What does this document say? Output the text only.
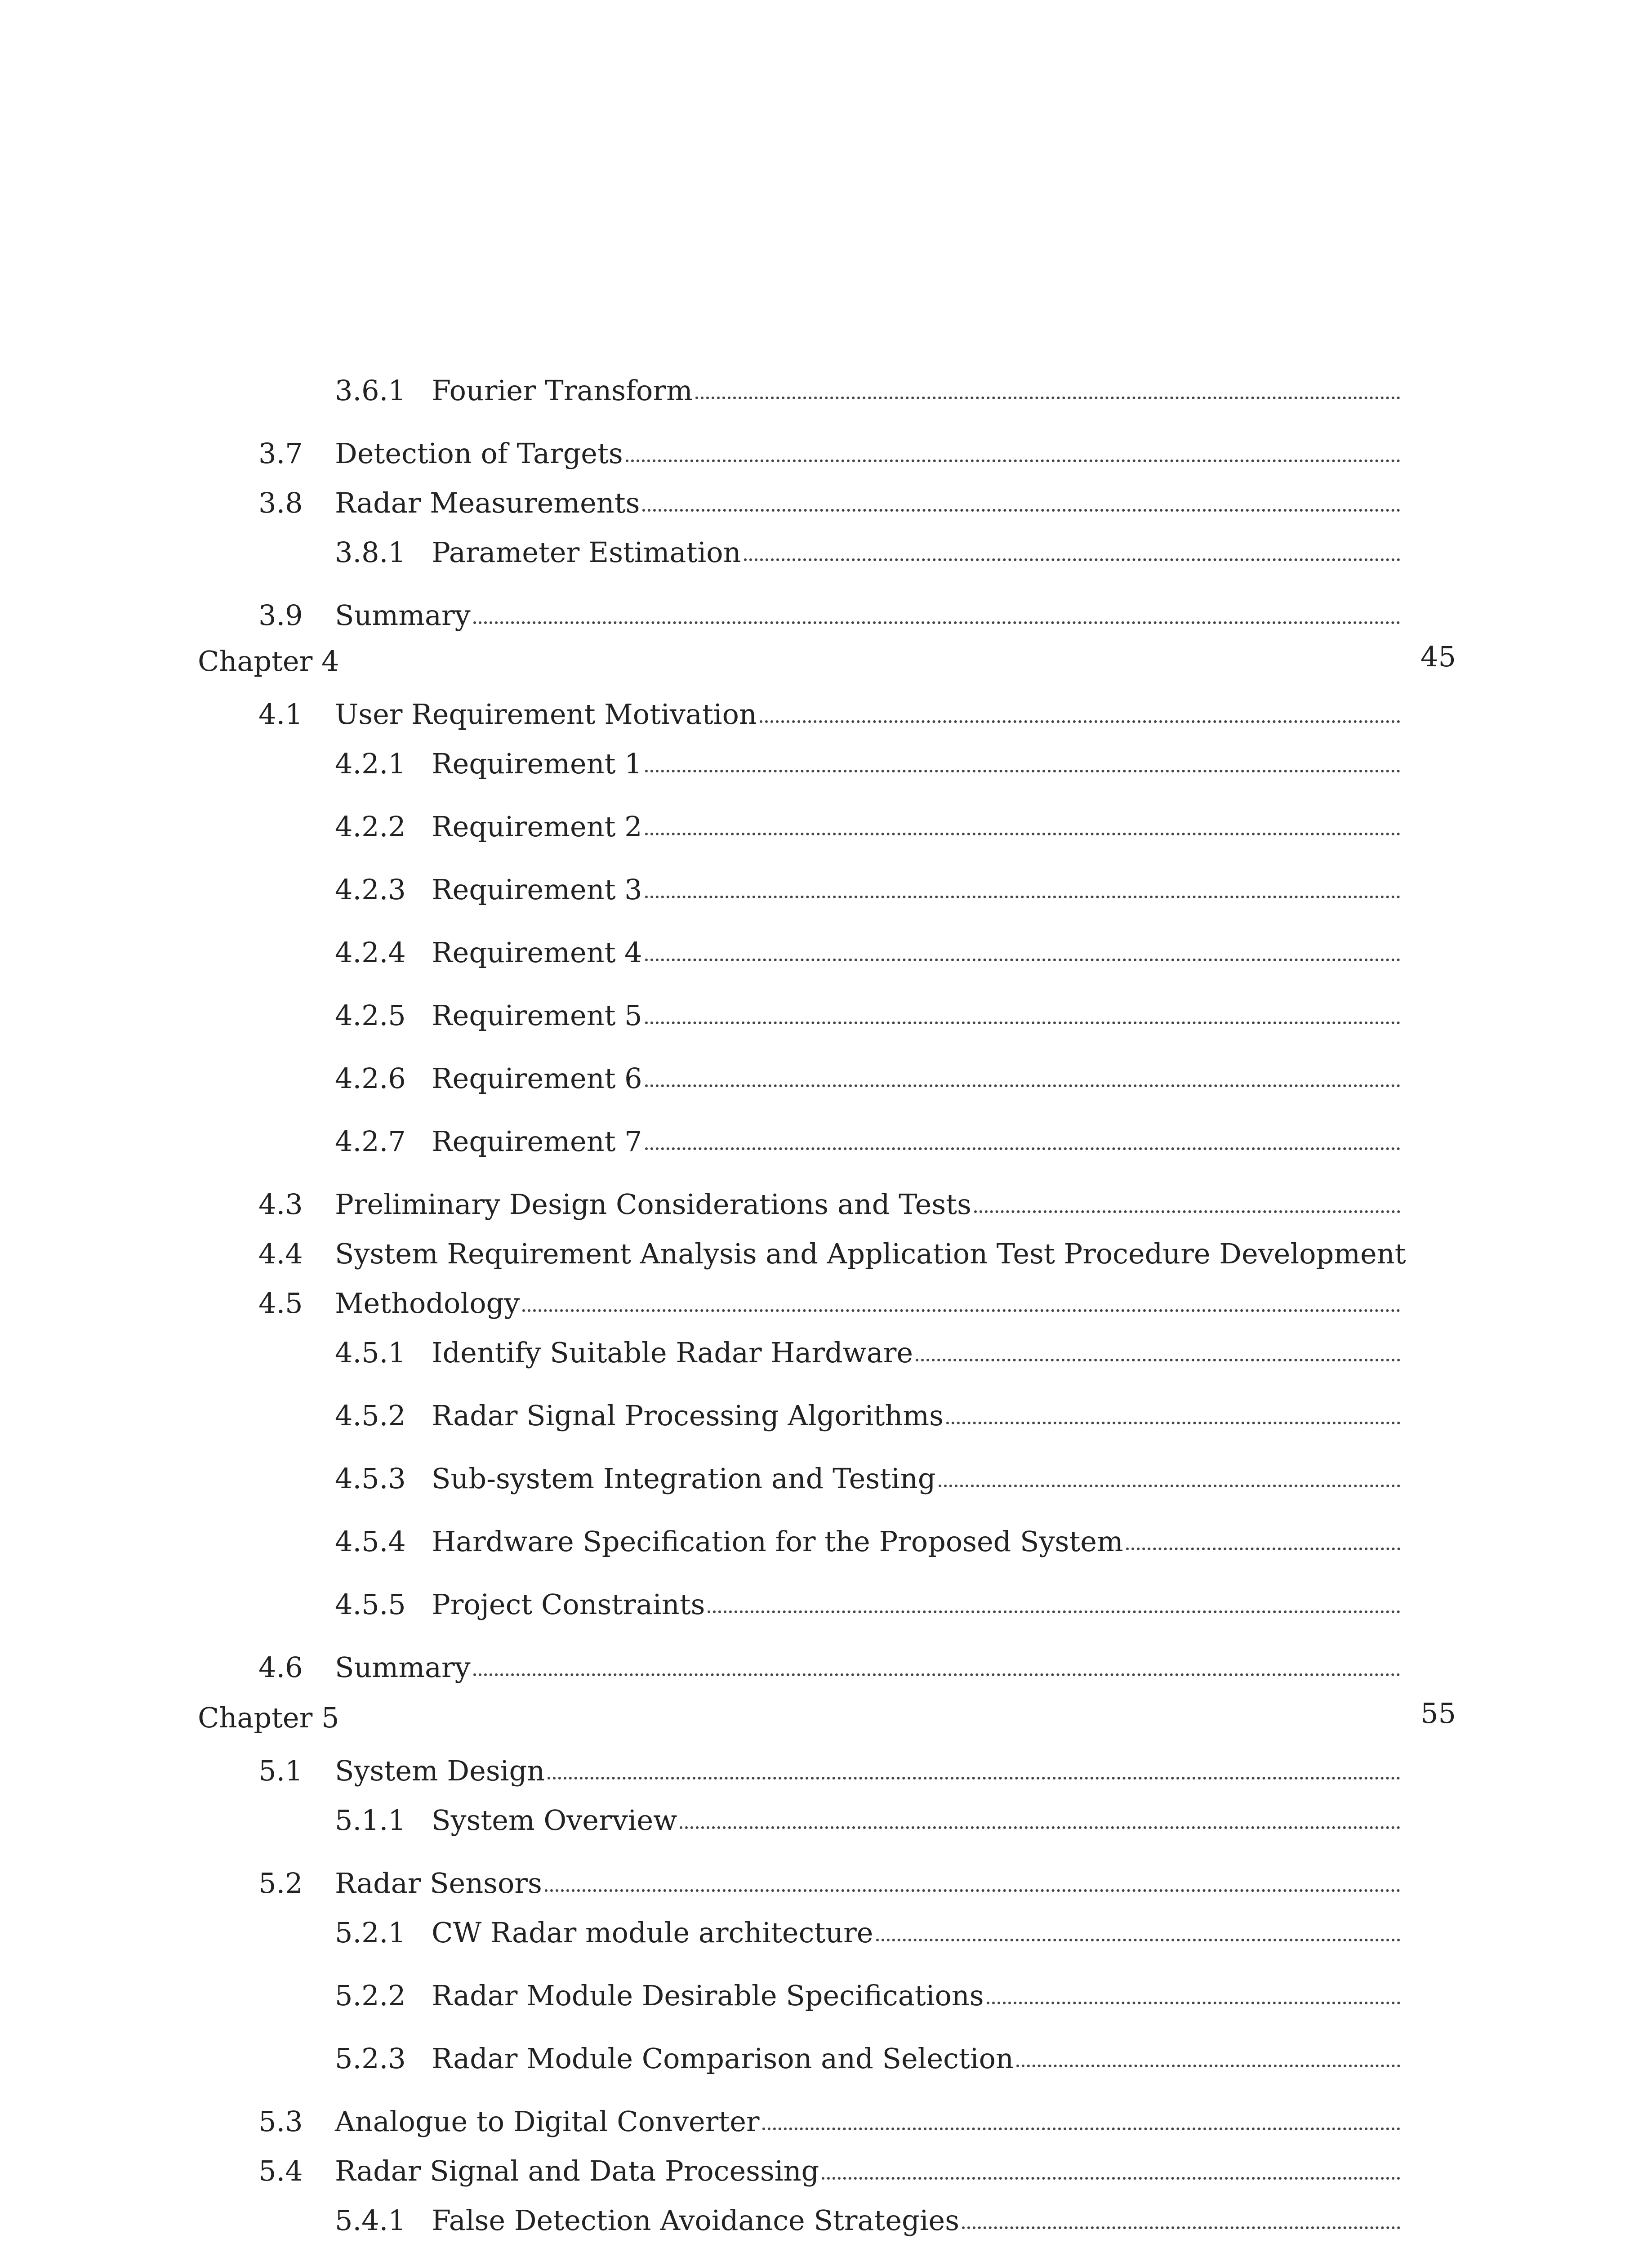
3.6.1 Fourier Transform
3.7	Detection of Targets
3.8	Radar Measurements
3.8.1 Parameter Estimation
3.9	Summary
Chapter 4	45
4.1	User Requirement Motivation
4.2.1 Requirement 1
4.2.2 Requirement 2
4.2.3 Requirement 3
4.2.4 Requirement 4
4.2.5 Requirement 5
4.2.6 Requirement 6
4.2.7 Requirement 7
4.3	Preliminary Design Considerations and Tests
4.4	System Requirement Analysis and Application Test Procedure Development
4.5	Methodology
4.5.1 Identify Suitable Radar Hardware
4.5.2 Radar Signal Processing Algorithms
4.5.3 Sub-system Integration and Testing
4.5.4 Hardware Specification for the Proposed System
4.5.5 Project Constraints
4.6	Summary
Chapter 5	55
5.1	System Design
5.1.1 System Overview
5.2	Radar Sensors
5.2.1 CW Radar module architecture
5.2.2 Radar Module Desirable Specifications
5.2.3 Radar Module Comparison and Selection
5.3	Analogue to Digital Converter
5.4	Radar Signal and Data Processing
5.4.1 False Detection Avoidance Strategies
